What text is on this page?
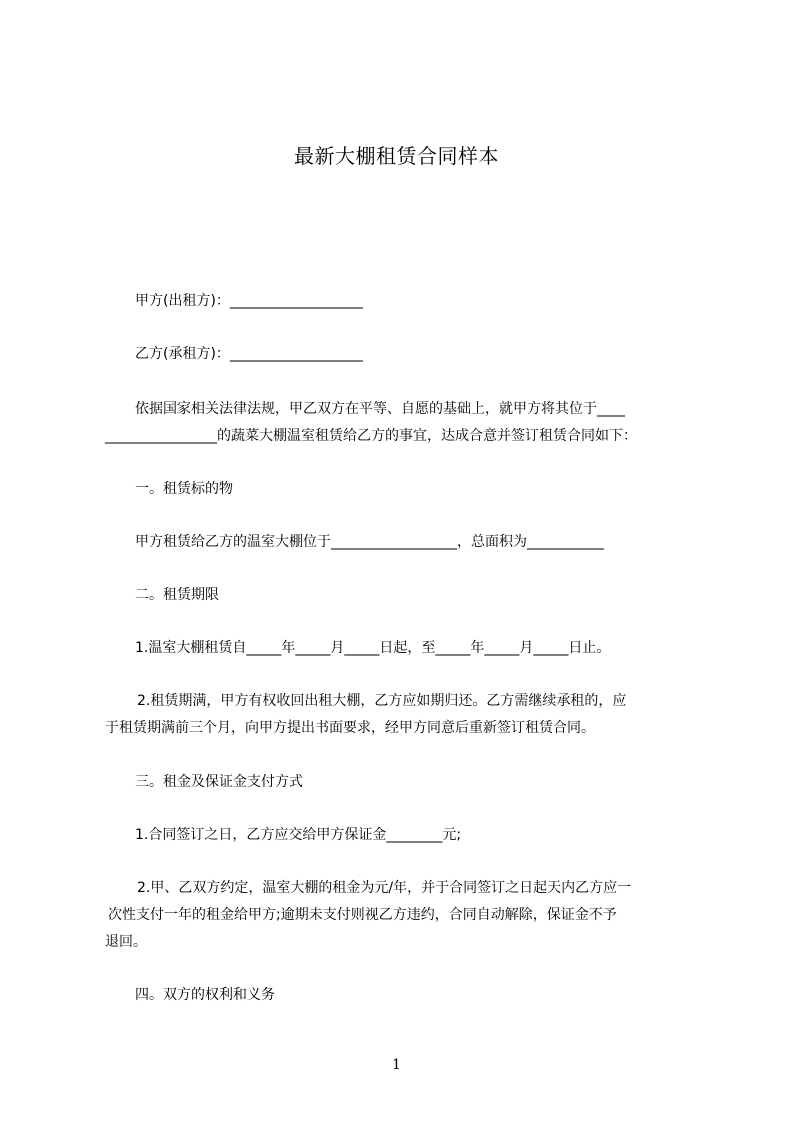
最新大棚租赁合同样本
甲方(出租方)：___________________
乙方(承租方)：___________________
依据国家相关法律法规，甲乙双方在平等、自愿的基础上，就甲方将其位于____
________________的蔬菜大棚温室租赁给乙方的事宜，达成合意并签订租赁合同如下：
一。租赁标的物
甲方租赁给乙方的温室大棚位于__________________，总面积为___________
二。租赁期限
1.温室大棚租赁自_____年_____月_____日起，至_____年_____月_____日止。
2.租赁期满，甲方有权收回出租大棚，乙方应如期归还。乙方需继续承租的，应
于租赁期满前三个月，向甲方提出书面要求，经甲方同意后重新签订租赁合同。
三。租金及保证金支付方式
1.合同签订之日，乙方应交给甲方保证金________元;
2.甲、乙双方约定，温室大棚的租金为元/年，并于合同签订之日起天内乙方应一
次性支付一年的租金给甲方;逾期未支付则视乙方违约，合同自动解除，保证金不予
退回。
四。双方的权利和义务
1
